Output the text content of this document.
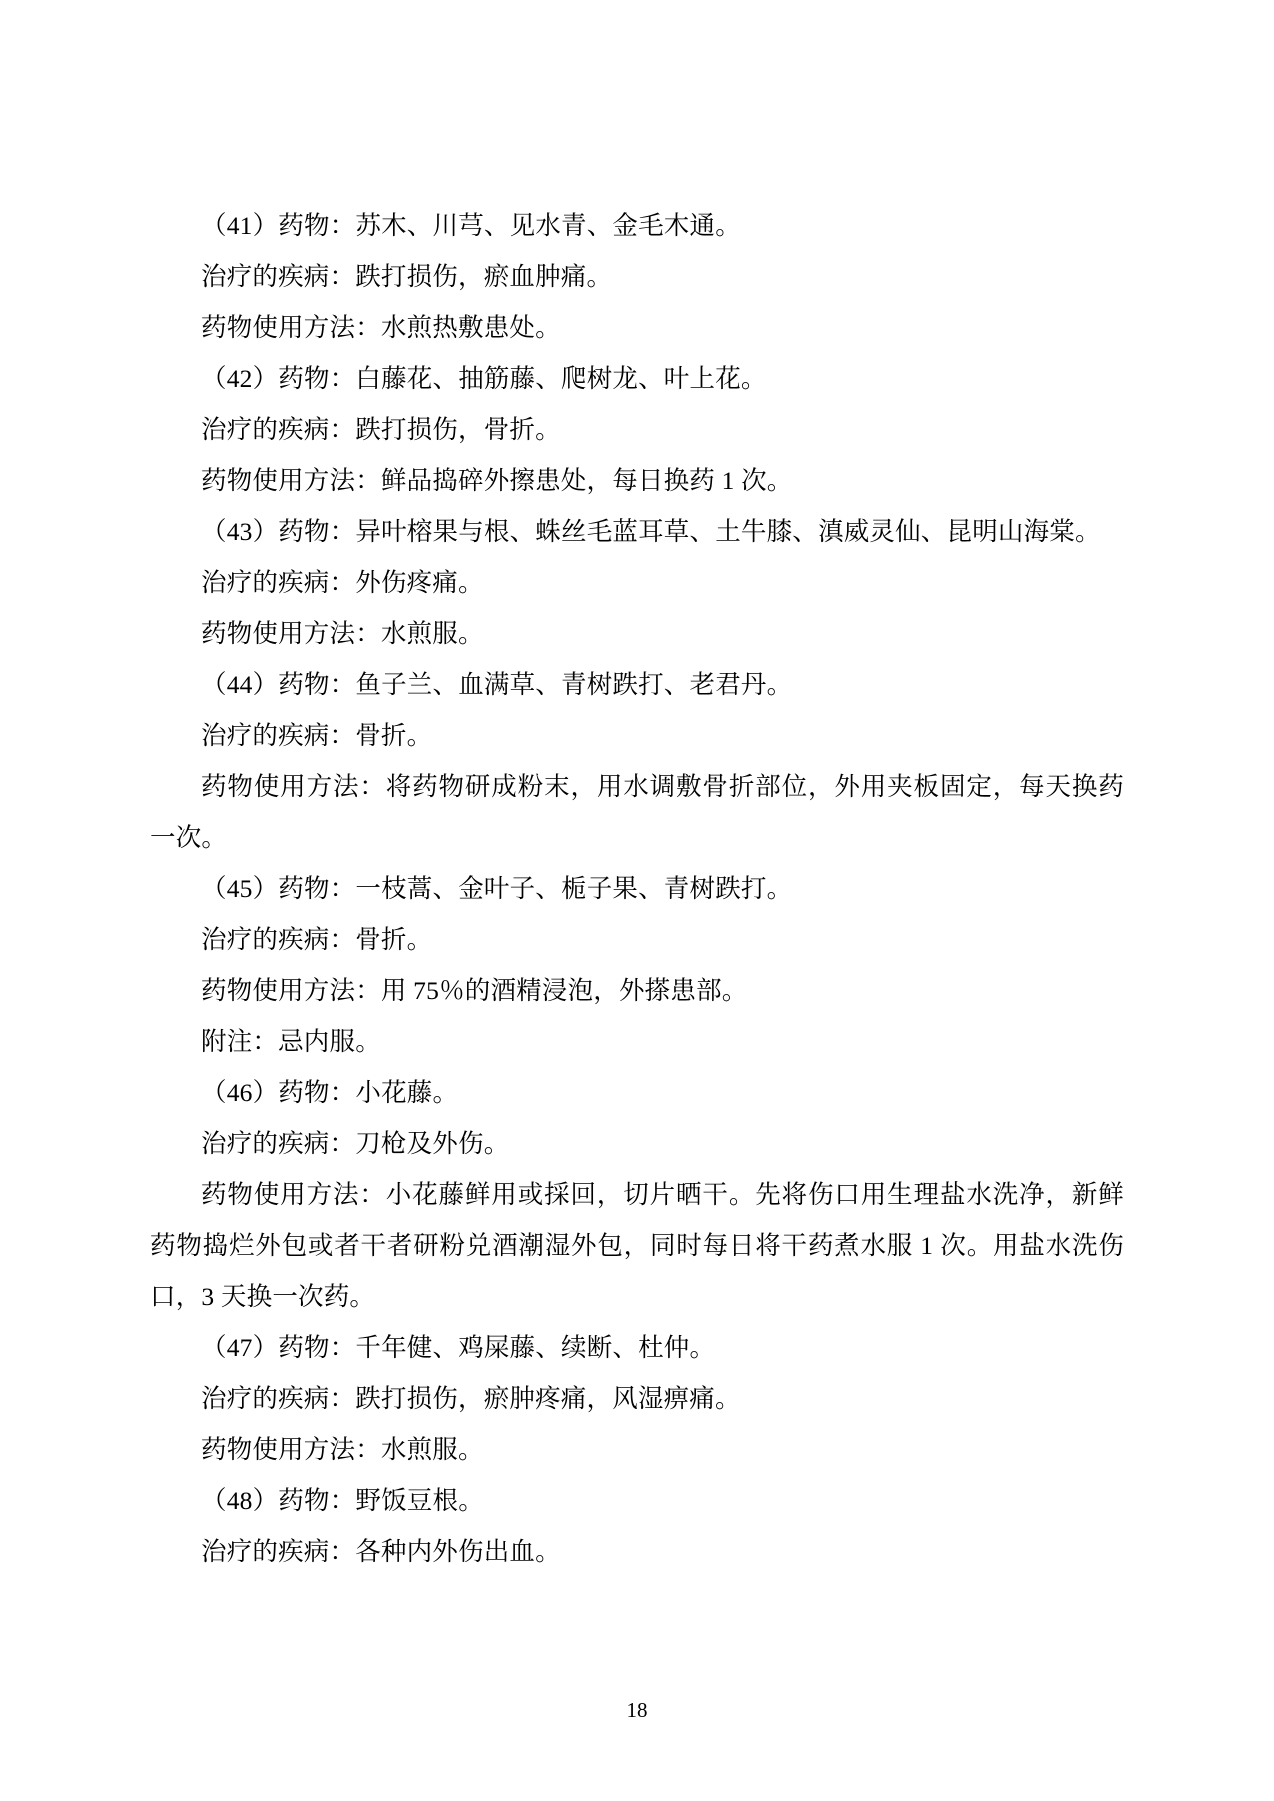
（41）药物：苏木、川芎、见水青、金毛木通。

治疗的疾病：跌打损伤，瘀血肿痛。

药物使用方法：水煎热敷患处。

（42）药物：白藤花、抽筋藤、爬树龙、叶上花。

治疗的疾病：跌打损伤，骨折。

药物使用方法：鲜品捣碎外擦患处，每日换药 1 次。

（43）药物：异叶榕果与根、蛛丝毛蓝耳草、土牛膝、滇威灵仙、昆明山海棠。

治疗的疾病：外伤疼痛。

药物使用方法：水煎服。

（44）药物：鱼子兰、血满草、青树跌打、老君丹。

治疗的疾病：骨折。

药物使用方法：将药物研成粉末，用水调敷骨折部位，外用夹板固定，每天换药一次。

（45）药物：一枝蒿、金叶子、栀子果、青树跌打。

治疗的疾病：骨折。

药物使用方法：用 75％的酒精浸泡，外搽患部。

附注：忌内服。

（46）药物：小花藤。

治疗的疾病：刀枪及外伤。

药物使用方法：小花藤鲜用或採回，切片晒干。先将伤口用生理盐水洗净，新鲜药物捣烂外包或者干者研粉兑酒潮湿外包，同时每日将干药煮水服 1 次。用盐水洗伤口，3 天换一次药。

（47）药物：千年健、鸡屎藤、续断、杜仲。

治疗的疾病：跌打损伤，瘀肿疼痛，风湿痹痛。

药物使用方法：水煎服。

（48）药物：野饭豆根。

治疗的疾病：各种内外伤出血。

18
